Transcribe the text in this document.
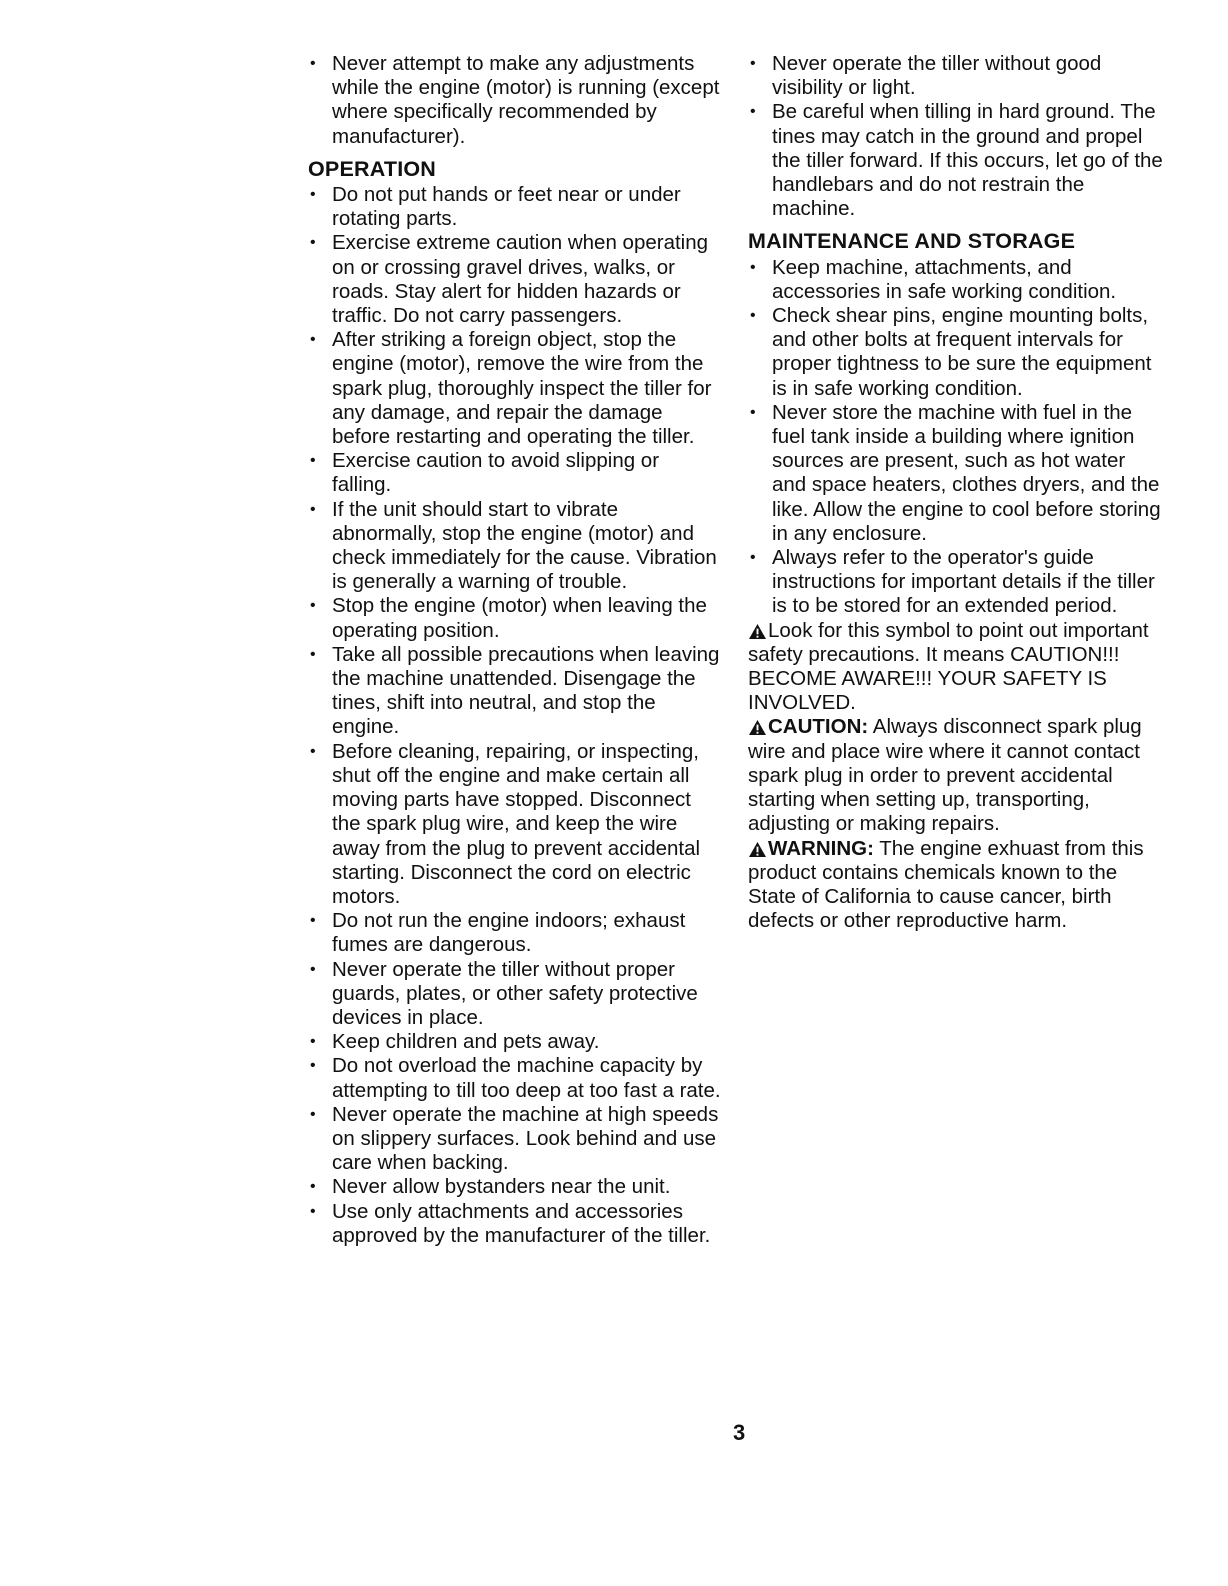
• Never attempt to make any adjustments while the engine (motor) is running (except where specifically recommended by manufacturer).
OPERATION
• Do not put hands or feet near or under rotating parts.
• Exercise extreme caution when operating on or crossing gravel drives, walks, or roads. Stay alert for hidden hazards or traffic. Do not carry passengers.
• After striking a foreign object, stop the engine (motor), remove the wire from the spark plug, thoroughly inspect the tiller for any damage, and repair the damage before restarting and operating the tiller.
• Exercise caution to avoid slipping or falling.
• If the unit should start to vibrate abnormally, stop the engine (motor) and check immediately for the cause. Vibration is generally a warning of trouble.
• Stop the engine (motor) when leaving the operating position.
• Take all possible precautions when leaving the machine unattended. Disengage the tines, shift into neutral, and stop the engine.
• Before cleaning, repairing, or inspecting, shut off the engine and make certain all moving parts have stopped. Disconnect the spark plug wire, and keep the wire away from the plug to prevent accidental starting. Disconnect the cord on electric motors.
• Do not run the engine indoors; exhaust fumes are dangerous.
• Never operate the tiller without proper guards, plates, or other safety protective devices in place.
• Keep children and pets away.
• Do not overload the machine capacity by attempting to till too deep at too fast a rate.
• Never operate the machine at high speeds on slippery surfaces. Look behind and use care when backing.
• Never allow bystanders near the unit.
• Use only attachments and accessories approved by the manufacturer of the tiller.
• Never operate the tiller without good visibility or light.
• Be careful when tilling in hard ground. The tines may catch in the ground and propel the tiller forward. If this occurs, let go of the handlebars and do not restrain the machine.
MAINTENANCE AND STORAGE
• Keep machine, attachments, and accessories in safe working condition.
• Check shear pins, engine mounting bolts, and other bolts at frequent intervals for proper tightness to be sure the equipment is in safe working condition.
• Never store the machine with fuel in the fuel tank inside a building where ignition sources are present, such as hot water and space heaters, clothes dryers, and the like. Allow the engine to cool before storing in any enclosure.
• Always refer to the operator's guide instructions for important details if the tiller is to be stored for an extended period.

Look for this symbol to point out important safety precautions. It means CAUTION!!! BECOME AWARE!!! YOUR SAFETY IS INVOLVED.

CAUTION: Always disconnect spark plug wire and place wire where it cannot contact spark plug in order to prevent accidental starting when setting up, transporting, adjusting or making repairs.

WARNING: The engine exhuast from this product contains chemicals known to the State of California to cause cancer, birth defects or other reproductive harm.

3
